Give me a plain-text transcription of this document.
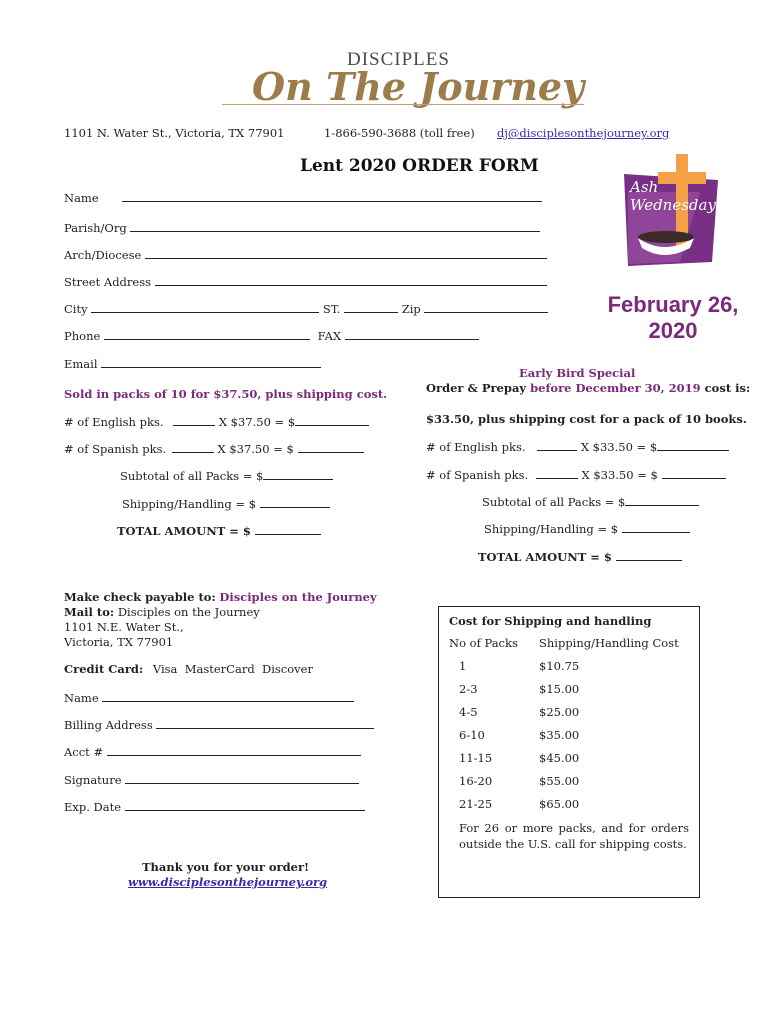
DISCIPLES
On The Journey
1101 N. Water St., Victoria, TX 77901	1-866-590-3688 (toll free) dj@disciplesonthejourney.org
Lent 2020 ORDER FORM
Ash
Wednesday
February 26, 2020
Name
Parish/Org
Arch/Diocese
Street Address
City	ST.	Zip
Phone	FAX
Email
Sold in packs of 10 for $37.50, plus shipping cost.
# of English pks.	X $37.50 = $
# of Spanish pks.	X $37.50 = $
Subtotal of all Packs = $
Shipping/Handling = $
TOTAL AMOUNT = $
Early Bird Special
Order & Prepay before December 30, 2019 cost is:
$33.50, plus shipping cost for a pack of 10 books.
# of English pks.	X $33.50 = $
# of Spanish pks.	X $33.50 = $
Subtotal of all Packs = $
Shipping/Handling = $
TOTAL AMOUNT = $
Make check payable to: Disciples on the Journey
Mail to: Disciples on the Journey
1101 N.E. Water St.,
Victoria, TX 77901
Credit Card: Visa  MasterCard  Discover
Name
Billing Address
Acct #
Signature
Exp. Date
Cost for Shipping and handling
No of Packs Shipping/Handling Cost
1	$10.75
2-3	$15.00
4-5	$25.00
6-10	$35.00
11-15	$45.00
16-20	$55.00
21-25	$65.00
For 26 or more packs, and for orders outside the U.S. call for shipping costs.
Thank you for your order!
www.disciplesonthejourney.org
